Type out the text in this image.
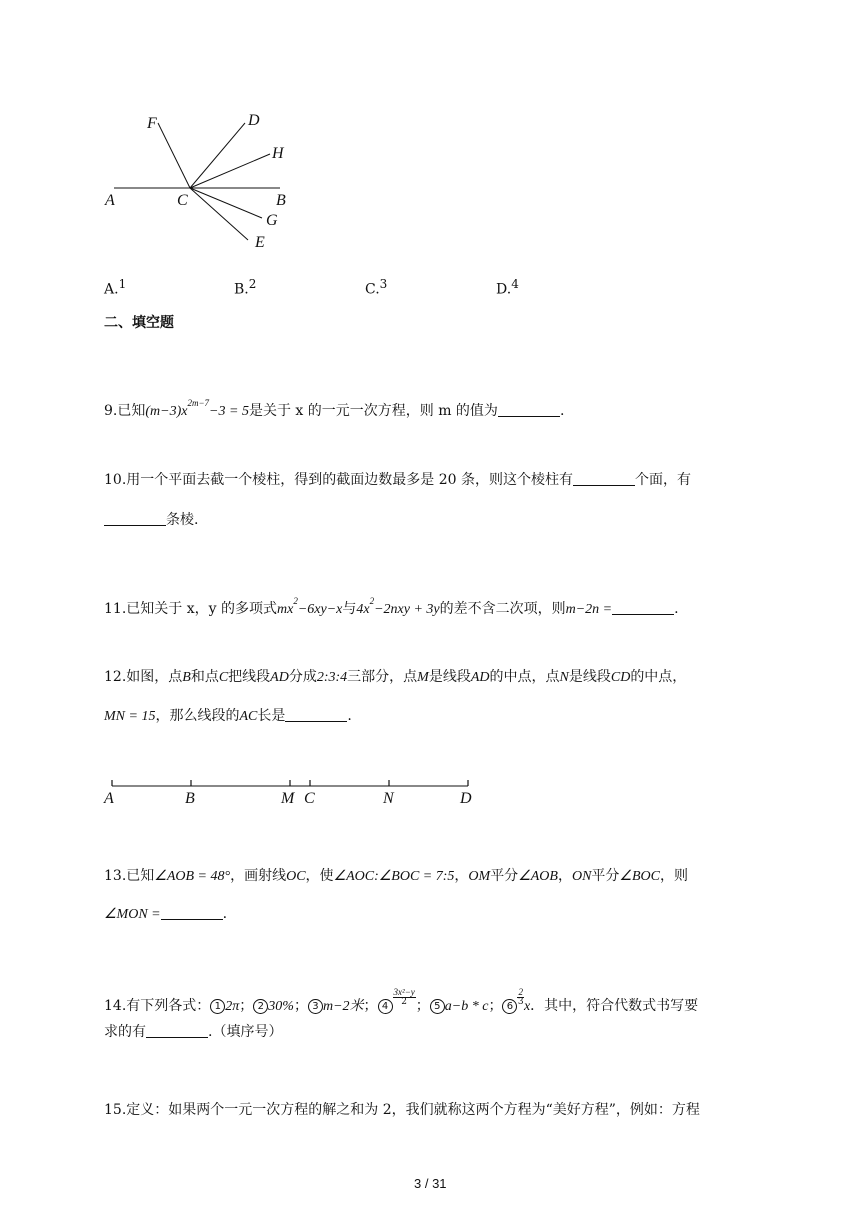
F	D
H
A	C	B
G
E
A.$^1$	B.$^2$	C.$^3$	D.$^4$
二、填空题
9.已知$(m-3)x^{2m-7}-3 = 5$是关于 x 的一元一次方程，则 m 的值为	.
10.用一个平面去截一个棱柱，得到的截面边数最多是 20 条，则这个棱柱有	个面，有
条棱.
11.已知关于 x，y 的多项式$mx^2-6xy-x$与$4x^2-2nxy + 3y$的差不含二次项，则m−2n =	.
12.如图，点B和点C把线段AD分成2:3:4三部分，点M是线段AD的中点，点N是线段CD的中点，
MN = 15，那么线段的AC长是	.
A	B	M C	N	D
13.已知∠AOB = 48°，画射线OC，使∠AOC:∠BOC = 7:5，OM平分∠AOB，ON平分∠BOC，则
∠MON =	.
14.有下列各式： 1 2π； 2 30%； 3 m−2米； $4 \frac{\text{3x²−y}}{2}$ ； 5 a−b * c； $6 \frac{2}{3}$ x．其中，符合代数式书写要
求的有	.（填序号）
15.定义：如果两个一元一次方程的解之和为 2，我们就称这两个方程为“美好方程”，例如：方程
3 / 31
